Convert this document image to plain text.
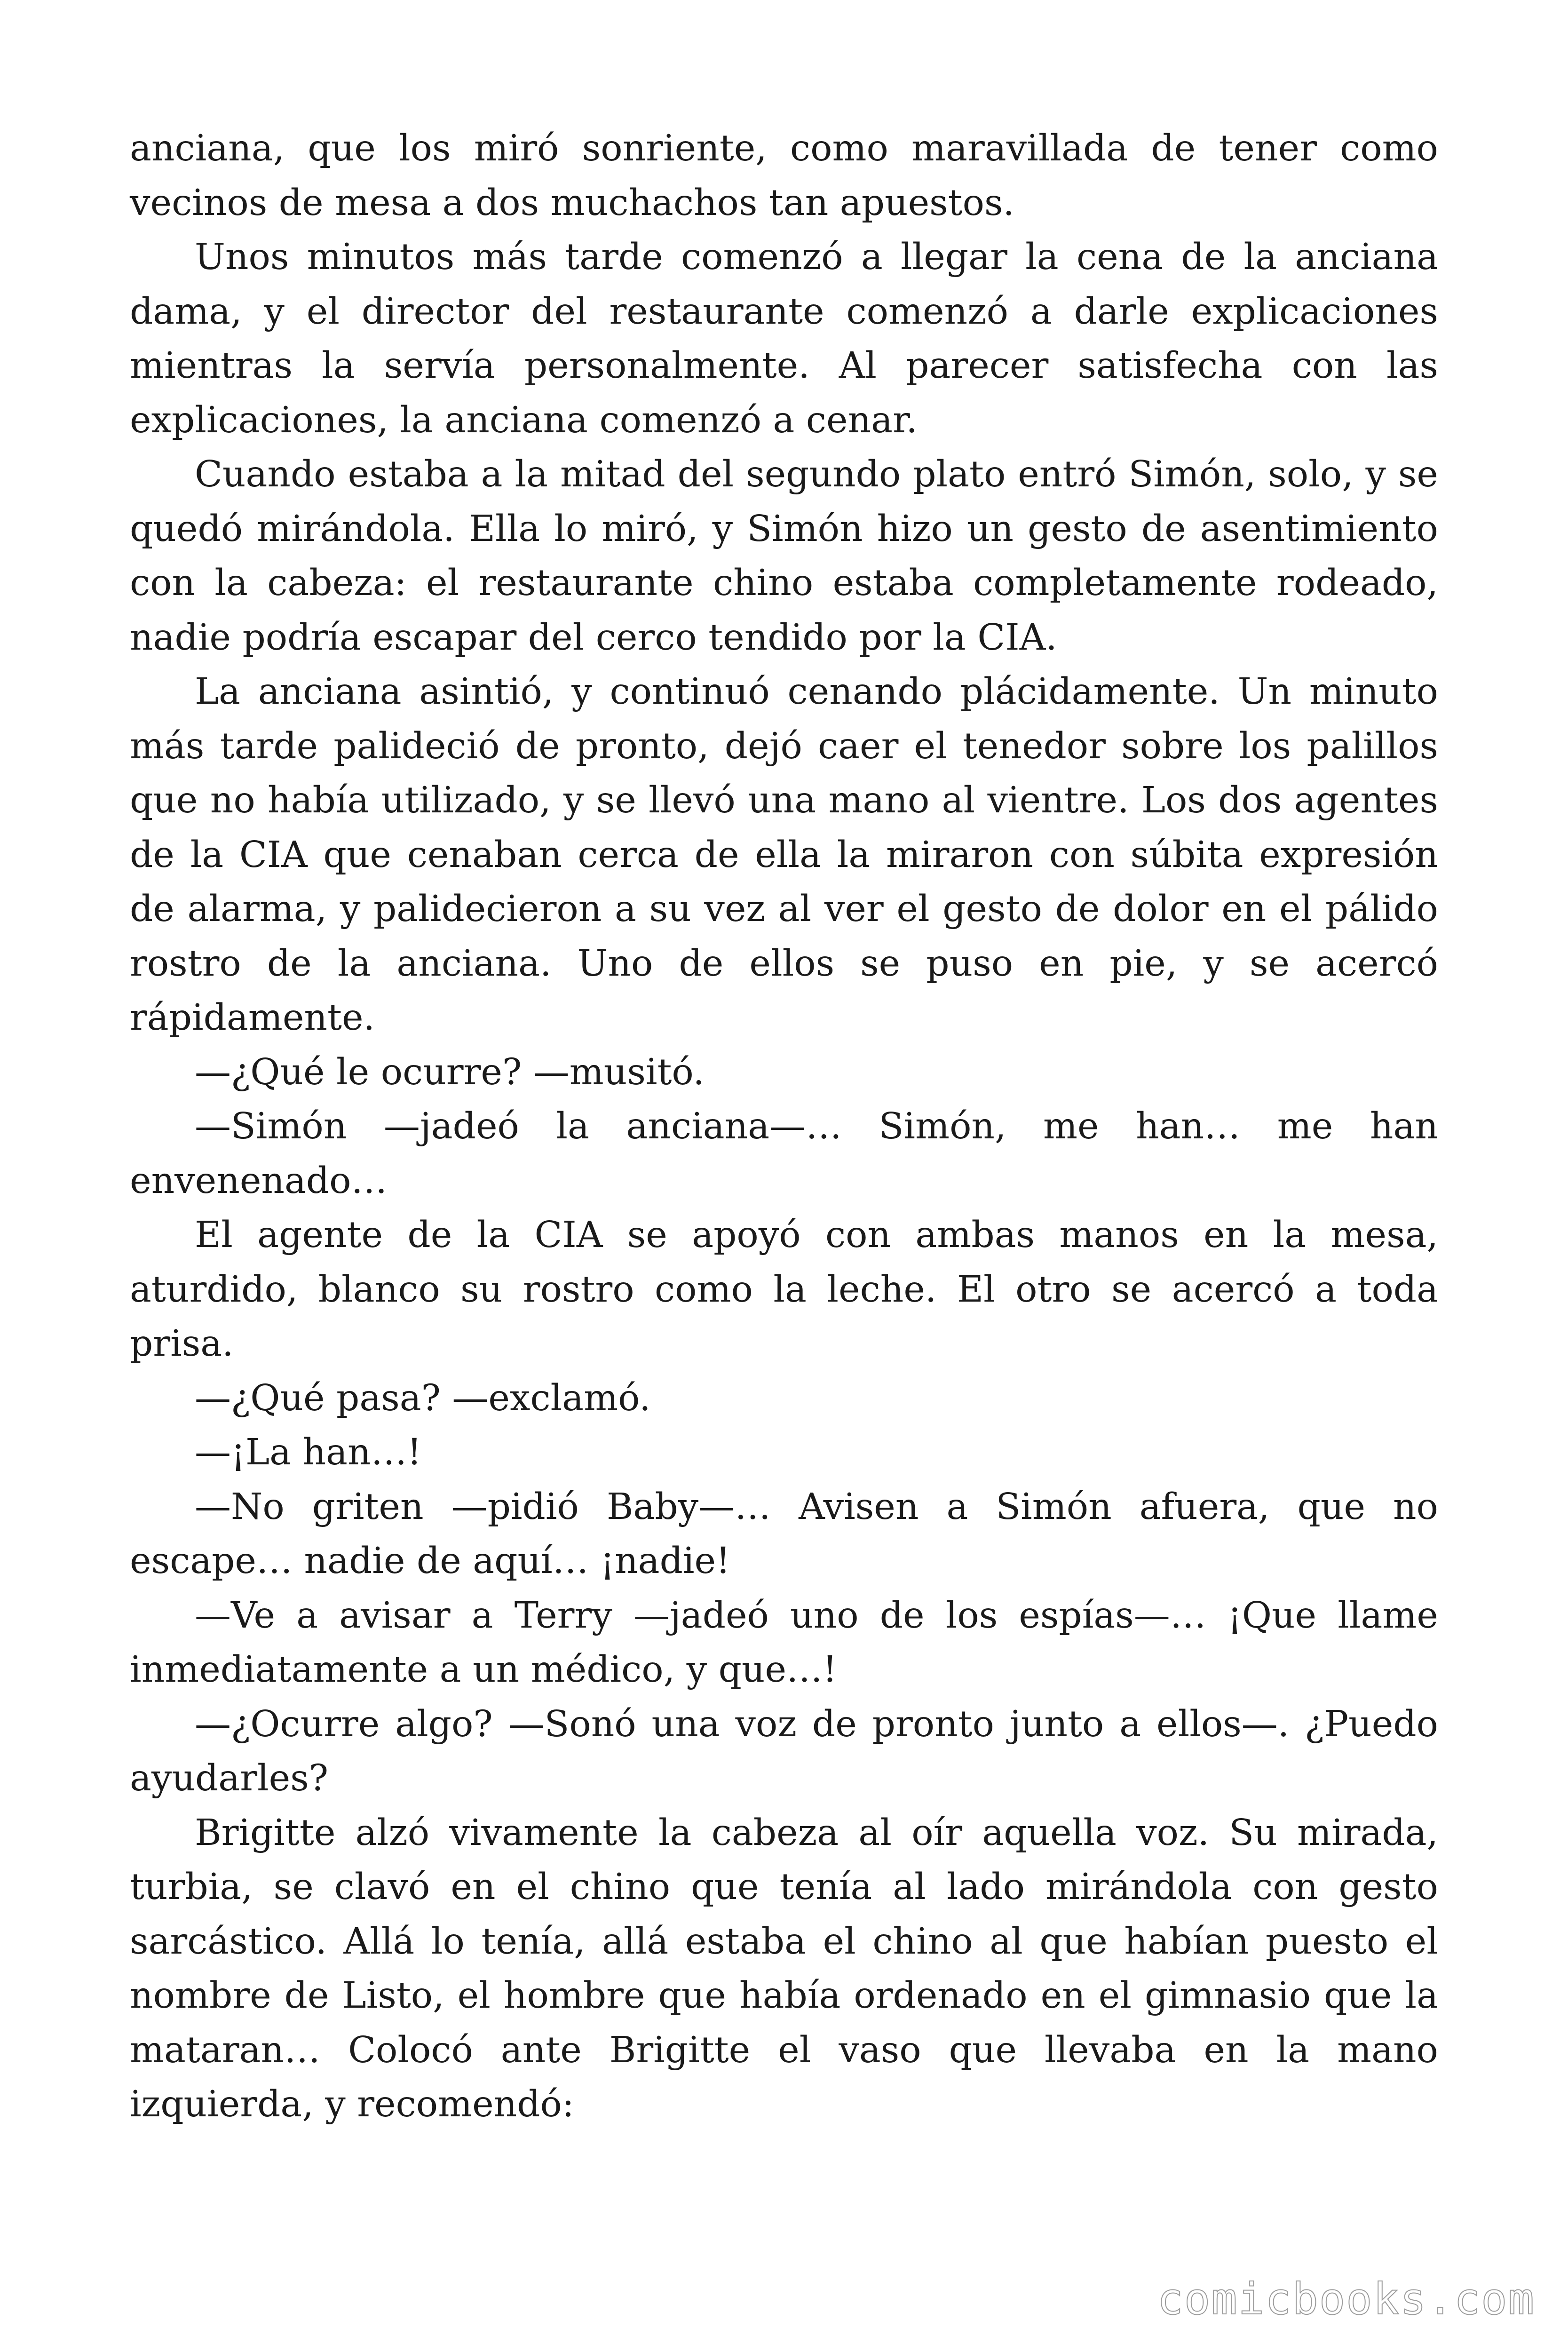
anciana, que los miró sonriente, como maravillada de tener como vecinos de mesa a dos muchachos tan apuestos.

Unos minutos más tarde comenzó a llegar la cena de la anciana dama, y el director del restaurante comenzó a darle explicaciones mientras la servía personalmente. Al parecer satisfecha con las explicaciones, la anciana comenzó a cenar.

Cuando estaba a la mitad del segundo plato entró Simón, solo, y se quedó mirándola. Ella lo miró, y Simón hizo un gesto de asentimiento con la cabeza: el restaurante chino estaba completamente rodeado, nadie podría escapar del cerco tendido por la CIA.

La anciana asintió, y continuó cenando plácidamente. Un minuto más tarde palideció de pronto, dejó caer el tenedor sobre los palillos que no había utilizado, y se llevó una mano al vientre. Los dos agentes de la CIA que cenaban cerca de ella la miraron con súbita expresión de alarma, y palidecieron a su vez al ver el gesto de dolor en el pálido rostro de la anciana. Uno de ellos se puso en pie, y se acercó rápidamente.

—¿Qué le ocurre? —musitó.

—Simón —jadeó la anciana—… Simón, me han… me han envenenado…

El agente de la CIA se apoyó con ambas manos en la mesa, aturdido, blanco su rostro como la leche. El otro se acercó a toda prisa.

—¿Qué pasa? —exclamó.

—¡La han…!

—No griten —pidió Baby—… Avisen a Simón afuera, que no escape… nadie de aquí… ¡nadie!

—Ve a avisar a Terry —jadeó uno de los espías—… ¡Que llame inmediatamente a un médico, y que…!

—¿Ocurre algo? —Sonó una voz de pronto junto a ellos—. ¿Puedo ayudarles?

Brigitte alzó vivamente la cabeza al oír aquella voz. Su mirada, turbia, se clavó en el chino que tenía al lado mirándola con gesto sarcástico. Allá lo tenía, allá estaba el chino al que habían puesto el nombre de Listo, el hombre que había ordenado en el gimnasio que la mataran… Colocó ante Brigitte el vaso que llevaba en la mano izquierda, y recomendó:

comicbooks.com
